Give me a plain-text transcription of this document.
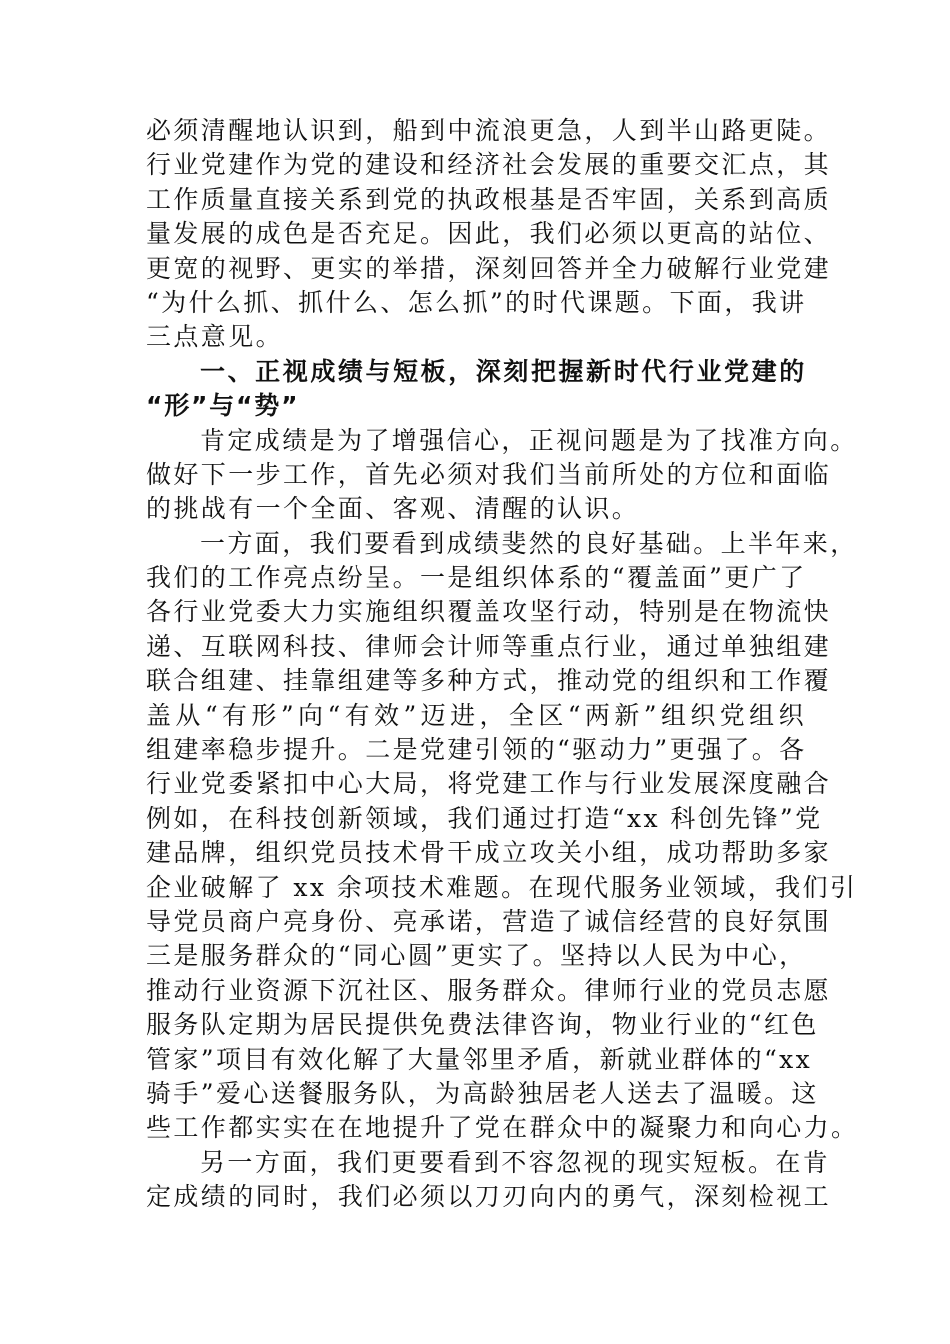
必须清醒地认识到，船到中流浪更急，人到半山路更陡。
行业党建作为党的建设和经济社会发展的重要交汇点，其
工作质量直接关系到党的执政根基是否牢固，关系到高质
量发展的成色是否充足。因此，我们必须以更高的站位、
更宽的视野、更实的举措，深刻回答并全力破解行业党建
“为什么抓、抓什么、怎么抓”的时代课题。下面，我讲
三点意见。
一、正视成绩与短板，深刻把握新时代行业党建的
“形”与“势”
肯定成绩是为了增强信心，正视问题是为了找准方向。
做好下一步工作，首先必须对我们当前所处的方位和面临
的挑战有一个全面、客观、清醒的认识。
一方面，我们要看到成绩斐然的良好基础。上半年来，
我们的工作亮点纷呈。一是组织体系的“覆盖面”更广了
各行业党委大力实施组织覆盖攻坚行动，特别是在物流快
递、互联网科技、律师会计师等重点行业，通过单独组建
联合组建、挂靠组建等多种方式，推动党的组织和工作覆
盖从“有形”向“有效”迈进，全区“两新”组织党组织
组建率稳步提升。二是党建引领的“驱动力”更强了。各
行业党委紧扣中心大局，将党建工作与行业发展深度融合
例如，在科技创新领域，我们通过打造“xx 科创先锋”党
建品牌，组织党员技术骨干成立攻关小组，成功帮助多家
企业破解了 xx 余项技术难题。在现代服务业领域，我们引
导党员商户亮身份、亮承诺，营造了诚信经营的良好氛围
三是服务群众的“同心圆”更实了。坚持以人民为中心，
推动行业资源下沉社区、服务群众。律师行业的党员志愿
服务队定期为居民提供免费法律咨询，物业行业的“红色
管家”项目有效化解了大量邻里矛盾，新就业群体的“xx
骑手”爱心送餐服务队，为高龄独居老人送去了温暖。这
些工作都实实在在地提升了党在群众中的凝聚力和向心力。
另一方面，我们更要看到不容忽视的现实短板。在肯
定成绩的同时，我们必须以刀刃向内的勇气，深刻检视工
